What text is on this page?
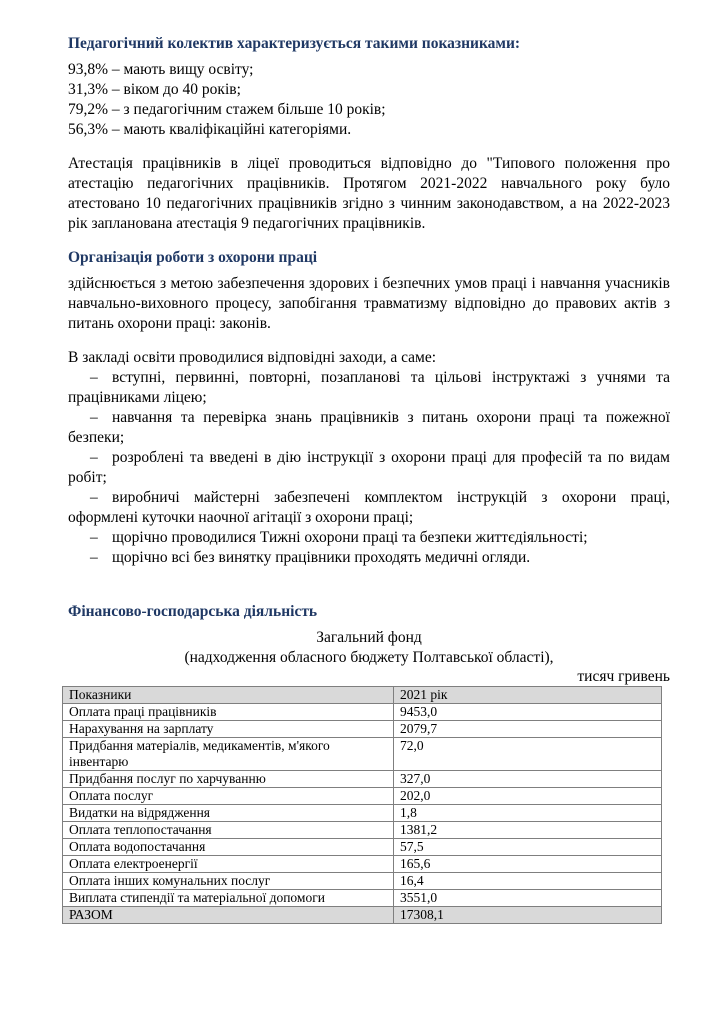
Педагогічний колектив характеризується такими показниками:

93,8% – мають вищу освіту;
31,3% – віком до 40 років;
79,2% – з педагогічним стажем більше 10 років;
56,3% – мають кваліфікаційні категоріями.

Атестація працівників в ліцеї проводиться відповідно до "Типового положення про атестацію педагогічних працівників. Протягом 2021-2022 навчального року було атестовано 10 педагогічних працівників згідно з чинним законодавством, а на 2022-2023 рік запланована атестація 9 педагогічних працівників.

Організація роботи з охорони праці

здійснюється з метою забезпечення здорових і безпечних умов праці і навчання учасників навчально-виховного процесу, запобігання травматизму відповідно до правових актів з питань охорони праці: законів.

В закладі освіти проводилися відповідні заходи, а саме:

– вступні, первинні, повторні, позапланові та цільові інструктажі з учнями та працівниками ліцею;
– навчання та перевірка знань працівників з питань охорони праці та пожежної безпеки;
– розроблені та введені в дію інструкції з охорони праці для професій та по видам робіт;
– виробничі майстерні забезпечені комплектом інструкцій з охорони праці, оформлені куточки наочної агітації з охорони праці;
– щорічно проводилися Тижні охорони праці та безпеки життєдіяльності;
– щорічно всі без винятку працівники проходять медичні огляди.

Фінансово-господарська діяльність

Загальний фонд
(надходження обласного бюджету Полтавської області),
тисяч гривень
Показники	2021 рік
Оплата праці працівників	9453,0
Нарахування на зарплату	2079,7
Придбання матеріалів, медикаментів, м'якого інвентарю	72,0
Придбання послуг по харчуванню	327,0
Оплата послуг	202,0
Видатки на відрядження	1,8
Оплата теплопостачання	1381,2
Оплата водопостачання	57,5
Оплата електроенергії	165,6
Оплата інших комунальних послуг	16,4
Виплата стипендії та матеріальної допомоги	3551,0
РАЗОМ	17308,1
